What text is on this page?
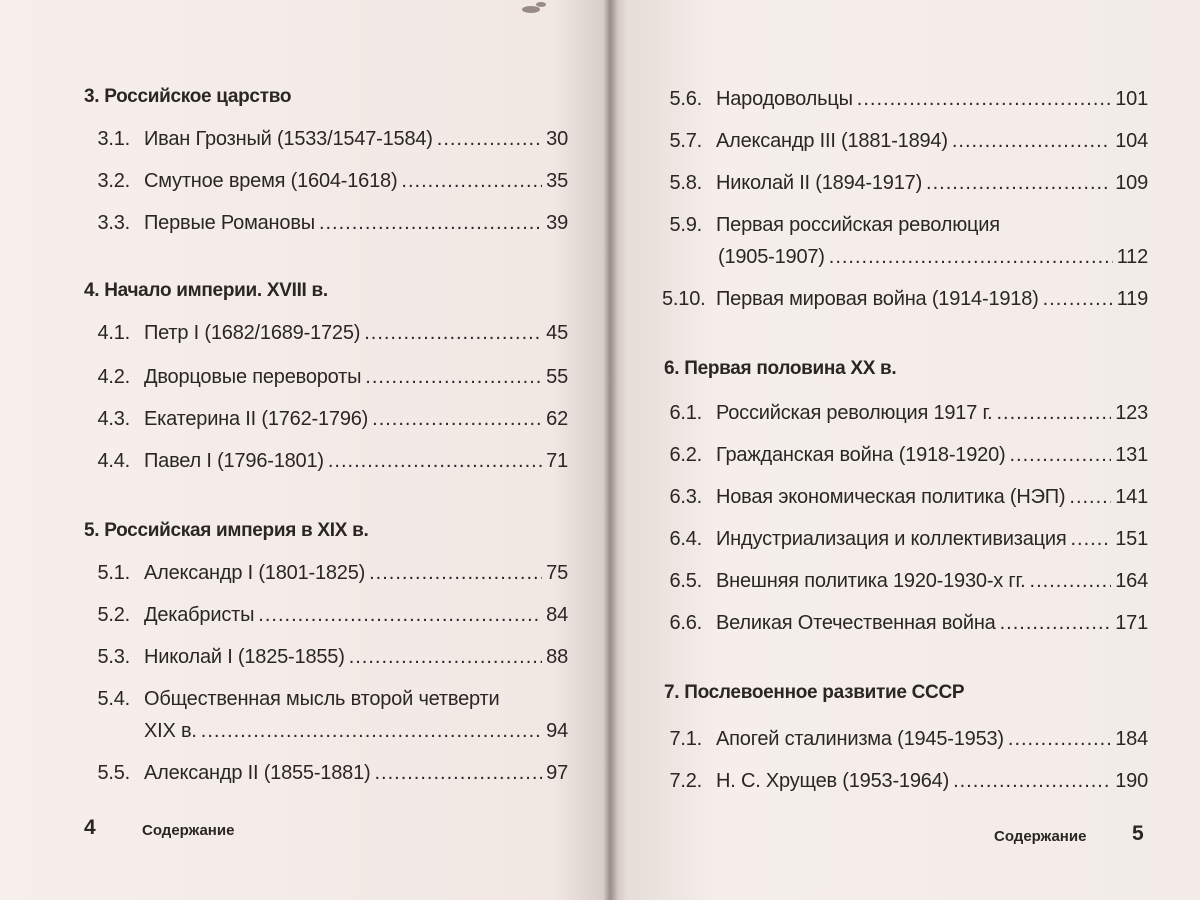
3. Российское царство
3.1. Иван Грозный (1533/1547-1584) .....	30
3.2. Смутное время (1604-1618) .....	35
3.3. Первые Романовы .....	39
4. Начало империи. XVIII в.
4.1. Петр I (1682/1689-1725) .....	45
4.2. Дворцовые перевороты .....	55
4.3. Екатерина II (1762-1796) .....	62
4.4. Павел I (1796-1801) .....	71
5. Российская империя в XIX в.
5.1. Александр I (1801-1825) .....	75
5.2. Декабристы .....	84
5.3. Николай I (1825-1855) .....	88
5.4. Общественная мысль второй четверти
XIX в. .....	94
5.5. Александр II (1855-1881) .....	97
4	Содержание
5.6. Народовольцы .....	101
5.7. Александр III (1881-1894) .....	104
5.8. Николай II (1894-1917) .....	109
5.9. Первая российская революция
(1905-1907) .....	112
5.10. Первая мировая война (1914-1918) .....	119
6. Первая половина XX в.
6.1. Российская революция 1917 г. .....	123
6.2. Гражданская война (1918-1920) .....	131
6.3. Новая экономическая политика (НЭП) ..... 141
6.4. Индустриализация и коллективизация ..... 151
6.5. Внешняя политика 1920-1930-х гг. .....	164
6.6. Великая Отечественная война .....	171
7. Послевоенное развитие СССР
7.1. Апогей сталинизма (1945-1953) .....	184
7.2. Н. С. Хрущев (1953-1964) .....	190
Содержание 5
